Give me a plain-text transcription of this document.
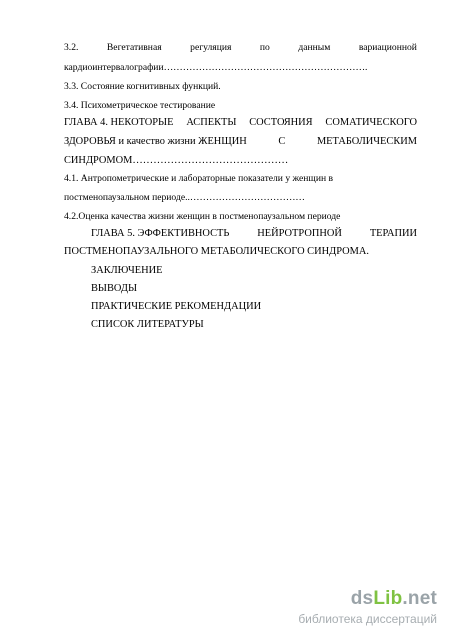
3.2.	Вегетативная	регуляция	по	данным	вариационной
кардиоинтервалографии……………………………………………………….
3.3. Состояние когнитивных функций.
3.4. Психометрическое тестирование
ГЛАВА 4. НЕКОТОРЫЕ АСПЕКТЫ СОСТОЯНИЯ СОМАТИЧЕСКОГО
ЗДОРОВЬЯ и качество жизни ЖЕНЩИН	С	МЕТАБОЛИЧЕСКИМ
СИНДРОМОМ………………………………………
4.1. Антропометрические и лабораторные показатели у женщин в
постменопаузальном периоде..………………………………
4.2.Оценка качества жизни женщин в постменопаузальном периоде
ГЛАВА 5. ЭФФЕКТИВНОСТЬ	НЕЙРОТРОПНОЙ	ТЕРАПИИ
ПОСТМЕНОПАУЗАЛЬНОГО МЕТАБОЛИЧЕСКОГО СИНДРОМА.
ЗАКЛЮЧЕНИЕ
ВЫВОДЫ
ПРАКТИЧЕСКИЕ РЕКОМЕНДАЦИИ
СПИСОК ЛИТЕРАТУРЫ
dsLib.net
библиотека диссертаций
